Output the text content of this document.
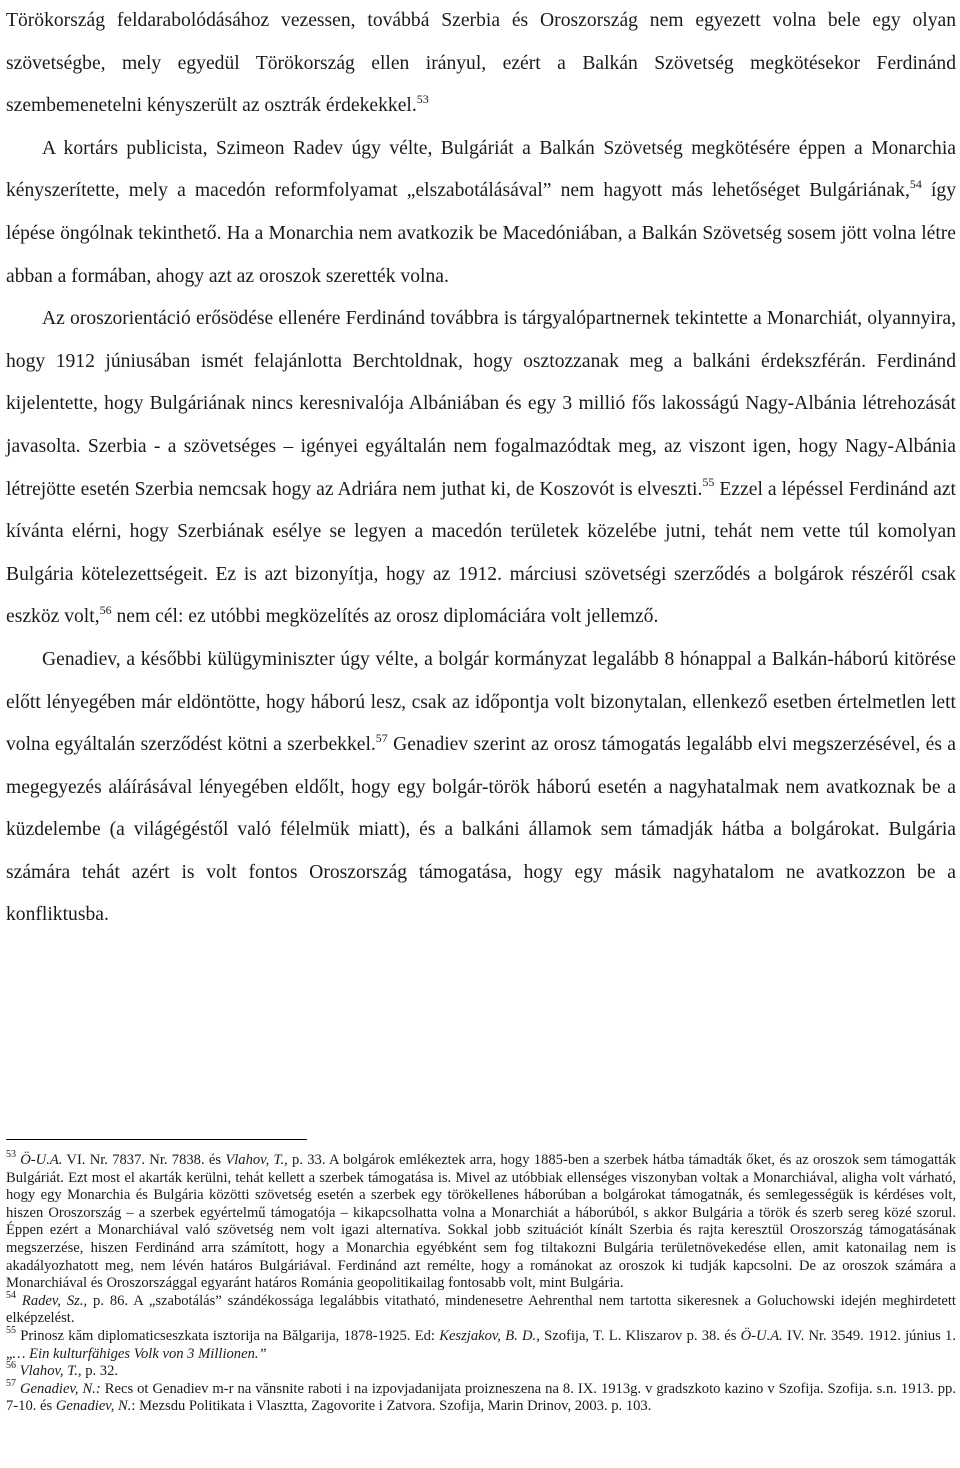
Törökország feldarabolódásához vezessen, továbbá Szerbia és Oroszország nem egyezett volna bele egy olyan szövetségbe, mely egyedül Törökország ellen irányul, ezért a Balkán Szövetség megkötésekor Ferdinánd szembemenetelni kényszerült az osztrák érdekekkel.$^{53}$

A kortárs publicista, Szimeon Radev úgy vélte, Bulgáriát a Balkán Szövetség megkötésére éppen a Monarchia kényszerítette, mely a macedón reformfolyamat „elszabotálásával” nem hagyott más lehetőséget Bulgáriának,$^{54}$ így lépése öngólnak tekinthető. Ha a Monarchia nem avatkozik be Macedóniában, a Balkán Szövetség sosem jött volna létre abban a formában, ahogy azt az oroszok szerették volna.

Az oroszorientáció erősödése ellenére Ferdinánd továbbra is tárgyalópartnernek tekintette a Monarchiát, olyannyira, hogy 1912 júniusában ismét felajánlotta Berchtoldnak, hogy osztozzanak meg a balkáni érdekszférán. Ferdinánd kijelentette, hogy Bulgáriának nincs keresnivalója Albániában és egy 3 millió fős lakosságú Nagy-Albánia létrehozását javasolta. Szerbia - a szövetséges – igényei egyáltalán nem fogalmazódtak meg, az viszont igen, hogy Nagy-Albánia létrejötte esetén Szerbia nemcsak hogy az Adriára nem juthat ki, de Koszovót is elveszti.$^{55}$ Ezzel a lépéssel Ferdinánd azt kívánta elérni, hogy Szerbiának esélye se legyen a macedón területek közelébe jutni, tehát nem vette túl komolyan Bulgária kötelezettségeit. Ez is azt bizonyítja, hogy az 1912. márciusi szövetségi szerződés a bolgárok részéről csak eszköz volt,$^{56}$ nem cél: ez utóbbi megközelítés az orosz diplomáciára volt jellemző.

Genadiev, a későbbi külügyminiszter úgy vélte, a bolgár kormányzat legalább 8 hónappal a Balkán-háború kitörése előtt lényegében már eldöntötte, hogy háború lesz, csak az időpontja volt bizonytalan, ellenkező esetben értelmetlen lett volna egyáltalán szerződést kötni a szerbekkel.$^{57}$ Genadiev szerint az orosz támogatás legalább elvi megszerzésével, és a megegyezés aláírásával lényegében eldőlt, hogy egy bolgár-török háború esetén a nagyhatalmak nem avatkoznak be a küzdelembe (a világégéstől való félelmük miatt), és a balkáni államok sem támadják hátba a bolgárokat. Bulgária számára tehát azért is volt fontos Oroszország támogatása, hogy egy másik nagyhatalom ne avatkozzon be a konfliktusba.

$^{53}$ Ö-U.A. VI. Nr. 7837. Nr. 7838. és Vlahov, T., p. 33. A bolgárok emlékeztek arra, hogy 1885-ben a szerbek hátba támadták őket, és az oroszok sem támogatták Bulgáriát. Ezt most el akarták kerülni, tehát kellett a szerbek támogatása is. Mivel az utóbbiak ellenséges viszonyban voltak a Monarchiával, aligha volt várható, hogy egy Monarchia és Bulgária közötti szövetség esetén a szerbek egy törökellenes háborúban a bolgárokat támogatnák, és semlegességük is kérdéses volt, hiszen Oroszország – a szerbek egyértelmű támogatója – kikapcsolhatta volna a Monarchiát a háborúból, s akkor Bulgária a török és szerb sereg közé szorul. Éppen ezért a Monarchiával való szövetség nem volt igazi alternatíva. Sokkal jobb szituációt kínált Szerbia és rajta keresztül Oroszország támogatásának megszerzése, hiszen Ferdinánd arra számított, hogy a Monarchia egyébként sem fog tiltakozni Bulgária területnövekedése ellen, amit katonailag nem is akadályozhatott meg, nem lévén határos Bulgáriával. Ferdinánd azt remélte, hogy a románokat az oroszok ki tudják kapcsolni. De az oroszok számára a Monarchiával és Oroszországgal egyaránt határos Románia geopolitikailag fontosabb volt, mint Bulgária.

$^{54}$ Radev, Sz., p. 86. A „szabotálás” szándékossága legalábbis vitatható, mindenesetre Aehrenthal nem tartotta sikeresnek a Goluchowski idején meghirdetett elképzelést.

$^{55}$ Prinosz kăm diplomaticseszkata isztorija na Bălgarija, 1878-1925. Ed: Keszjakov, B. D., Szofija, T. L. Kliszarov p. 38. és Ö-U.A. IV. Nr. 3549. 1912. június 1. „… Ein kulturfähiges Volk von 3 Millionen.”

$^{56}$ Vlahov, T., p. 32.

$^{57}$ Genadiev, N.: Recs ot Genadiev m-r na vănsnite raboti i na izpovjadanijata proizneszena na 8. IX. 1913g. v gradszkoto kazino v Szofija. Szofija. s.n. 1913. pp. 7-10. és Genadiev, N.: Mezsdu Politikata i Vlasztta, Zagovorite i Zatvora. Szofija, Marin Drinov, 2003. p. 103.
